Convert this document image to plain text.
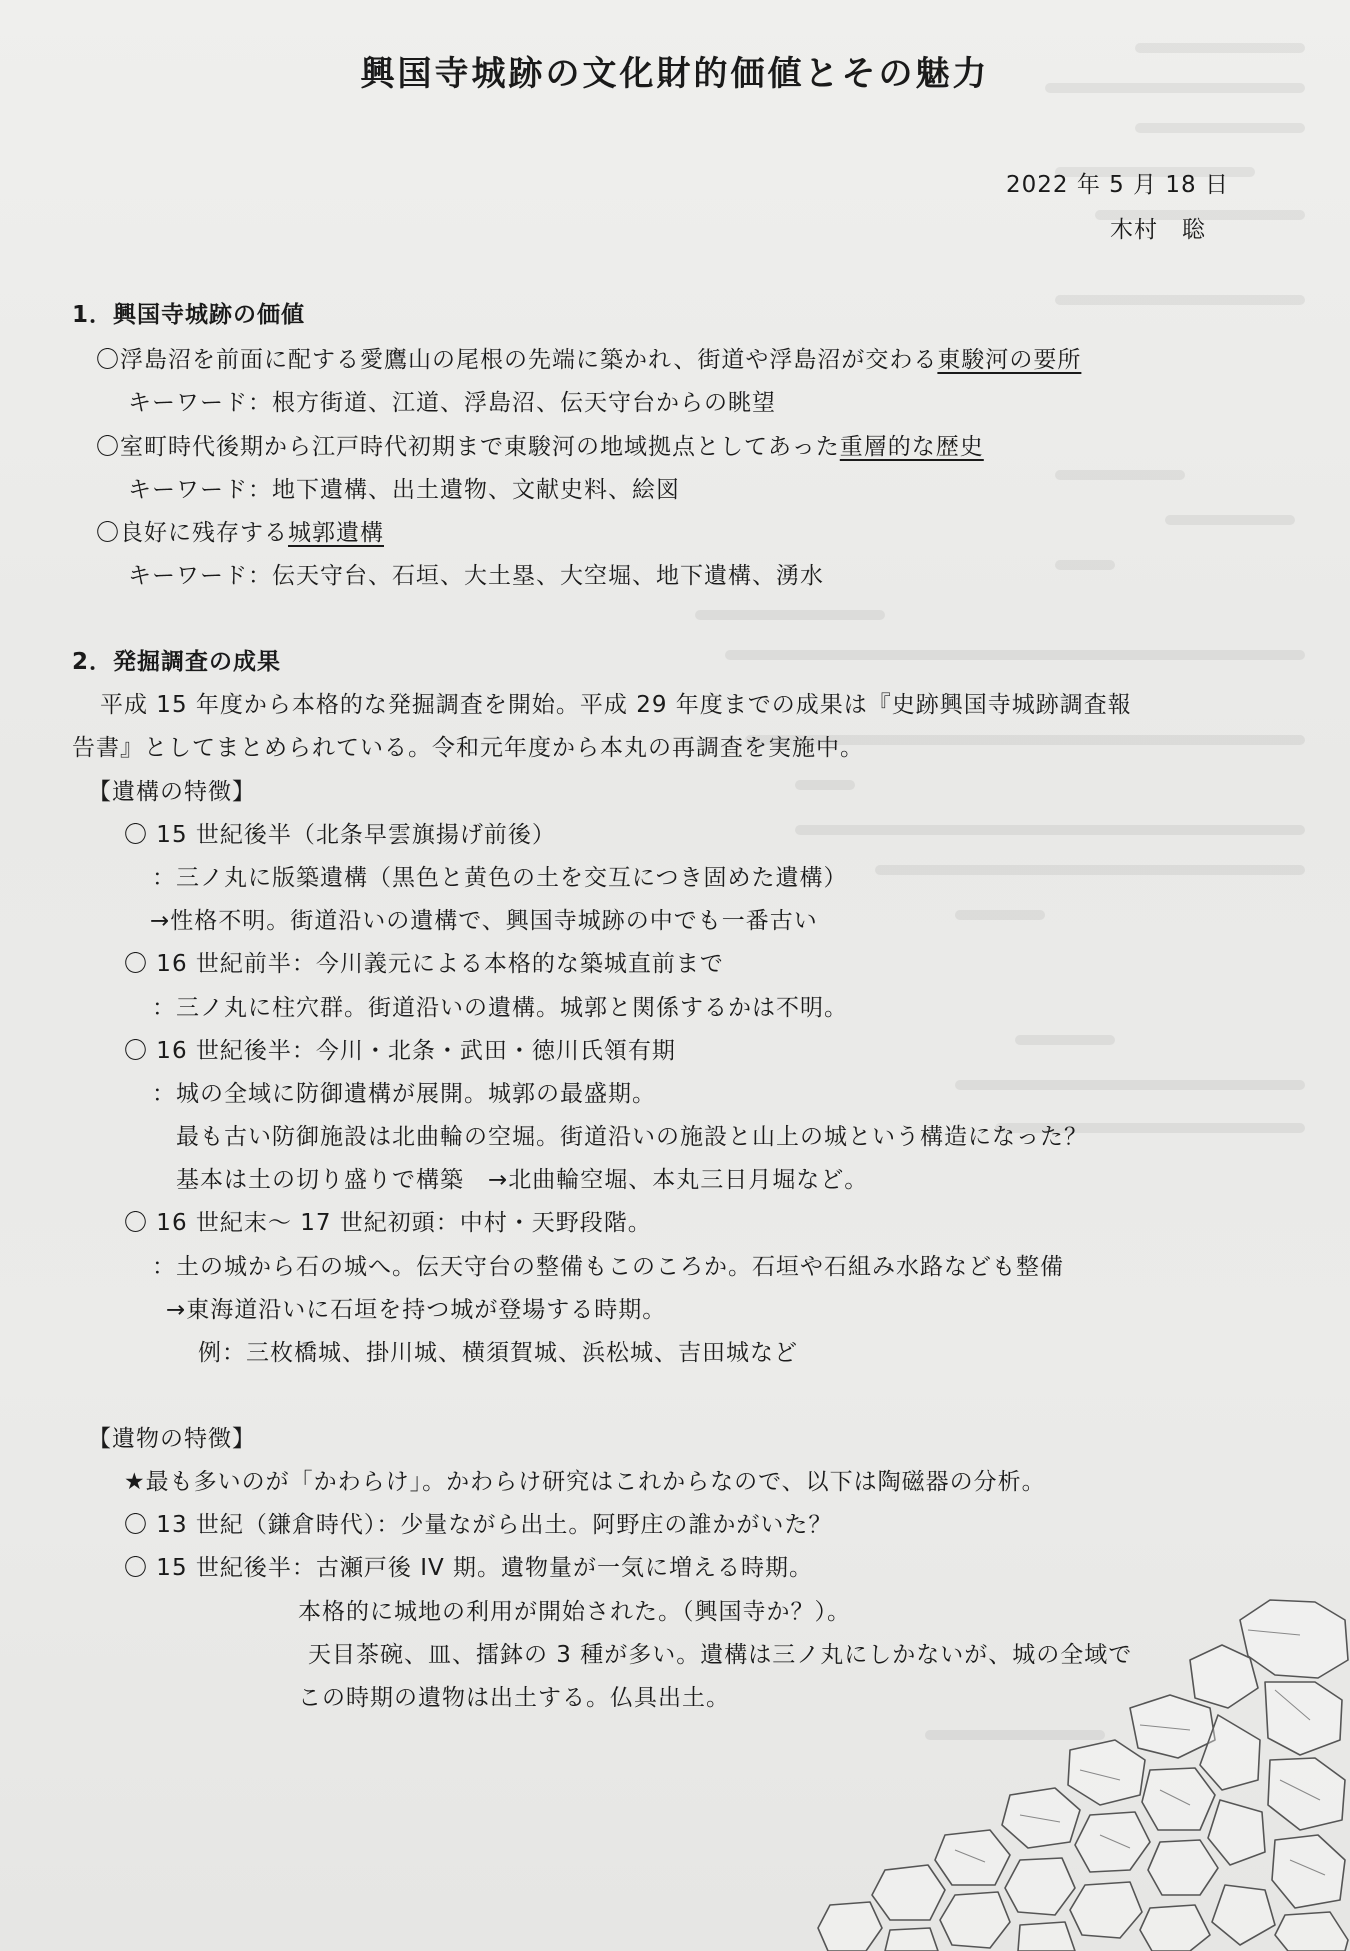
興国寺城跡の文化財的価値とその魅力
2022 年 5 月 18 日
木村　聡
1．興国寺城跡の価値
〇浮島沼を前面に配する愛鷹山の尾根の先端に築かれ、街道や浮島沼が交わる東駿河の要所
キーワード：根方街道、江道、浮島沼、伝天守台からの眺望
〇室町時代後期から江戸時代初期まで東駿河の地域拠点としてあった重層的な歴史
キーワード：地下遺構、出土遺物、文献史料、絵図
〇良好に残存する城郭遺構
キーワード：伝天守台、石垣、大土塁、大空堀、地下遺構、湧水
2．発掘調査の成果
平成 15 年度から本格的な発掘調査を開始。平成 29 年度までの成果は『史跡興国寺城跡調査報
告書』としてまとめられている。令和元年度から本丸の再調査を実施中。
【遺構の特徴】
〇 15 世紀後半（北条早雲旗揚げ前後）
：三ノ丸に版築遺構（黒色と黄色の土を交互につき固めた遺構）
→性格不明。街道沿いの遺構で、興国寺城跡の中でも一番古い
〇 16 世紀前半：今川義元による本格的な築城直前まで
：三ノ丸に柱穴群。街道沿いの遺構。城郭と関係するかは不明。
〇 16 世紀後半：今川・北条・武田・徳川氏領有期
：城の全域に防御遺構が展開。城郭の最盛期。
最も古い防御施設は北曲輪の空堀。街道沿いの施設と山上の城という構造になった？
基本は土の切り盛りで構築　→北曲輪空堀、本丸三日月堀など。
〇 16 世紀末～ 17 世紀初頭：中村・天野段階。
：土の城から石の城へ。伝天守台の整備もこのころか。石垣や石組み水路なども整備
→東海道沿いに石垣を持つ城が登場する時期。
例：三枚橋城、掛川城、横須賀城、浜松城、吉田城など
【遺物の特徴】
★最も多いのが「かわらけ」。かわらけ研究はこれからなので、以下は陶磁器の分析。
〇 13 世紀（鎌倉時代）：少量ながら出土。阿野庄の誰かがいた？
〇 15 世紀後半：古瀬戸後 IV 期。遺物量が一気に増える時期。
本格的に城地の利用が開始された。（興国寺か？）。
天目茶碗、皿、擂鉢の 3 種が多い。遺構は三ノ丸にしかないが、城の全域で
この時期の遺物は出土する。仏具出土。
